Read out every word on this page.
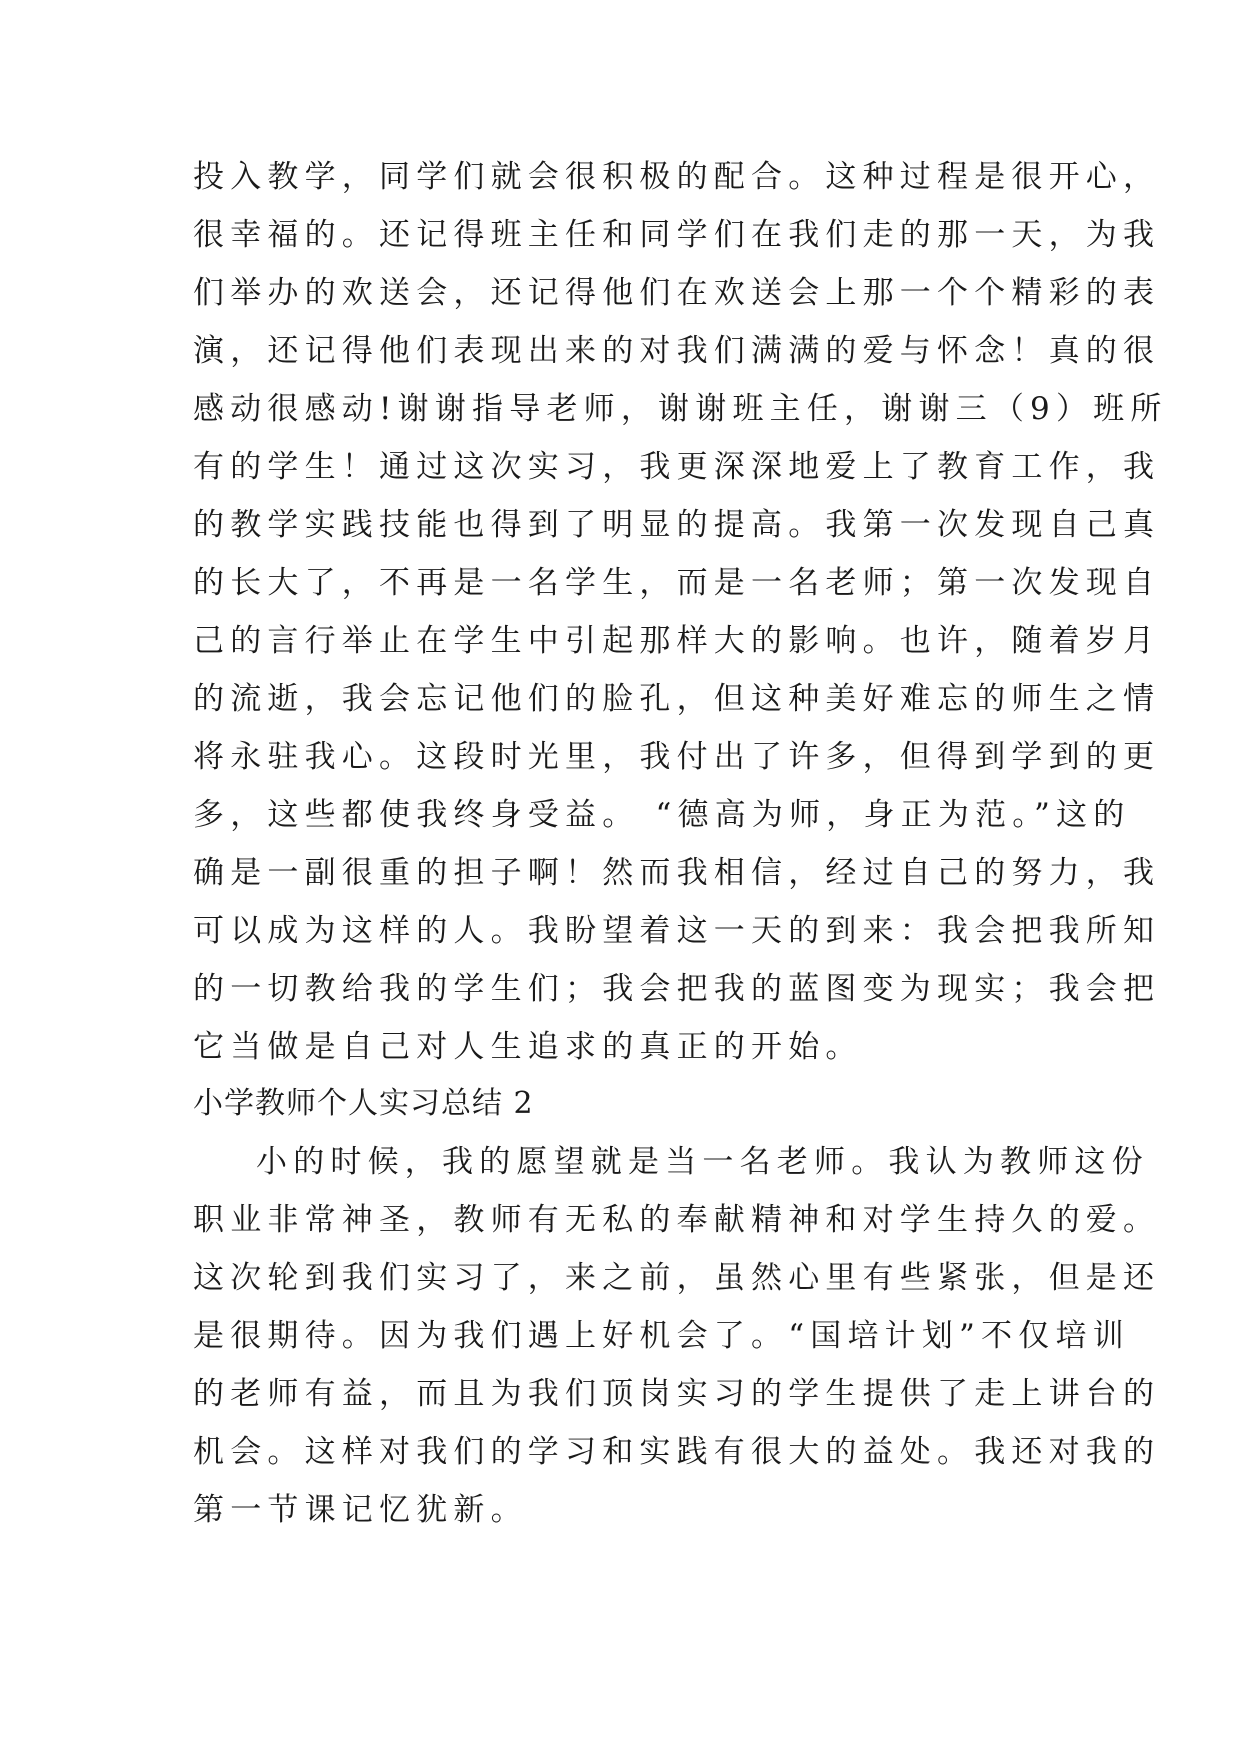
投入教学，同学们就会很积极的配合。这种过程是很开心，
很幸福的。还记得班主任和同学们在我们走的那一天，为我
们举办的欢送会，还记得他们在欢送会上那一个个精彩的表
演，还记得他们表现出来的对我们满满的爱与怀念！真的很
感动很感动!谢谢指导老师，谢谢班主任，谢谢三（9）班所
有的学生！通过这次实习，我更深深地爱上了教育工作，我
的教学实践技能也得到了明显的提高。我第一次发现自己真
的长大了，不再是一名学生，而是一名老师；第一次发现自
己的言行举止在学生中引起那样大的影响。也许，随着岁月
的流逝，我会忘记他们的脸孔，但这种美好难忘的师生之情
将永驻我心。这段时光里，我付出了许多，但得到学到的更
多，这些都使我终身受益。 “德高为师，身正为范。”这的
确是一副很重的担子啊！然而我相信，经过自己的努力，我
可以成为这样的人。我盼望着这一天的到来：我会把我所知
的一切教给我的学生们；我会把我的蓝图变为现实；我会把
它当做是自己对人生追求的真正的开始。
小学教师个人实习总结 2
小的时候，我的愿望就是当一名老师。我认为教师这份
职业非常神圣，教师有无私的奉献精神和对学生持久的爱。
这次轮到我们实习了，来之前，虽然心里有些紧张，但是还
是很期待。因为我们遇上好机会了。“国培计划”不仅培训
的老师有益，而且为我们顶岗实习的学生提供了走上讲台的
机会。这样对我们的学习和实践有很大的益处。我还对我的
第一节课记忆犹新。
